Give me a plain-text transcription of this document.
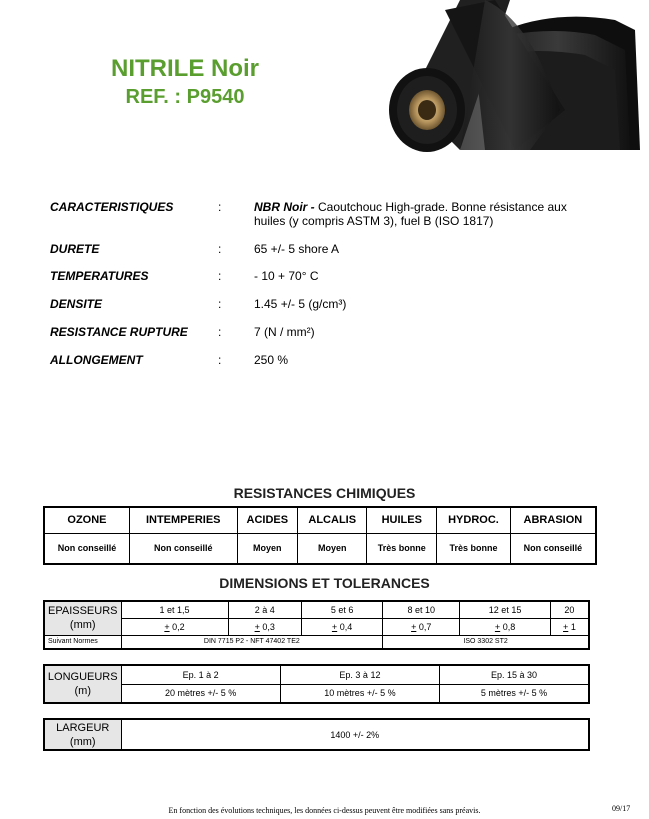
NITRILE Noir
REF. : P9540
CARACTERISTIQUES	:	NBR Noir - Caoutchouc High-grade. Bonne résistance aux huiles (y compris ASTM 3), fuel B (ISO 1817)
DURETE	:	65 +/- 5 shore A
TEMPERATURES	:	- 10 + 70° C
DENSITE	:	1.45 +/- 5 (g/cm³)
RESISTANCE RUPTURE	:	7 (N / mm²)
ALLONGEMENT	:	250 %
RESISTANCES CHIMIQUES
OZONE	INTEMPERIES	ACIDES	ALCALIS	HUILES	HYDROC.	ABRASION
Non conseillé	Non conseillé	Moyen	Moyen	Très bonne	Très bonne	Non conseillé
DIMENSIONS ET TOLERANCES
EPAISSEURS
(mm)	1 et 1,5	2 à 4	5 et 6	8 et 10	12 et 15	20
	+ 0,2	+ 0,3	+ 0,4	+ 0,7	+ 0,8	+ 1
Suivant Normes	DIN 7715 P2 - NFT 47402 TE2			ISO 3302 ST2		
LONGUEURS
(m)	Ep. 1 à 2	Ep. 3 à 12	Ep. 15 à 30
	20 mètres +/- 5 %	10 mètres +/- 5 %	5 mètres +/- 5 %
LARGEUR
(mm)	1400 +/- 2%
En fonction des évolutions techniques, les données ci-dessus peuvent être modifiées sans préavis.	09/17
